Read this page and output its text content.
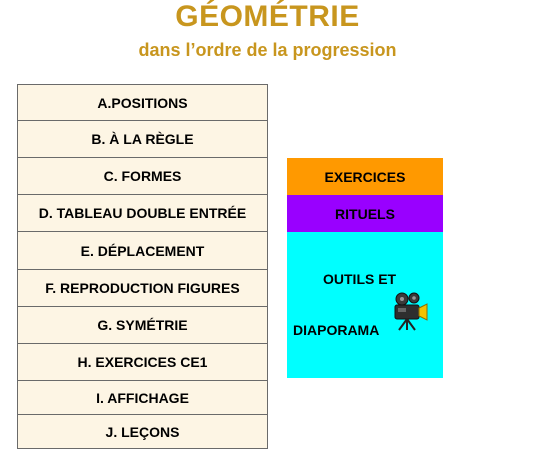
GÉOMÉTRIE
dans l’ordre de la progression
A.POSITIONS
B. À LA RÈGLE
C. FORMES
D. TABLEAU DOUBLE ENTRÉE
E. DÉPLACEMENT
F. REPRODUCTION FIGURES
G. SYMÉTRIE
H. EXERCICES CE1
I. AFFICHAGE
J. LEÇONS
EXERCICES
RITUELS
OUTILS ET
DIAPORAMA
